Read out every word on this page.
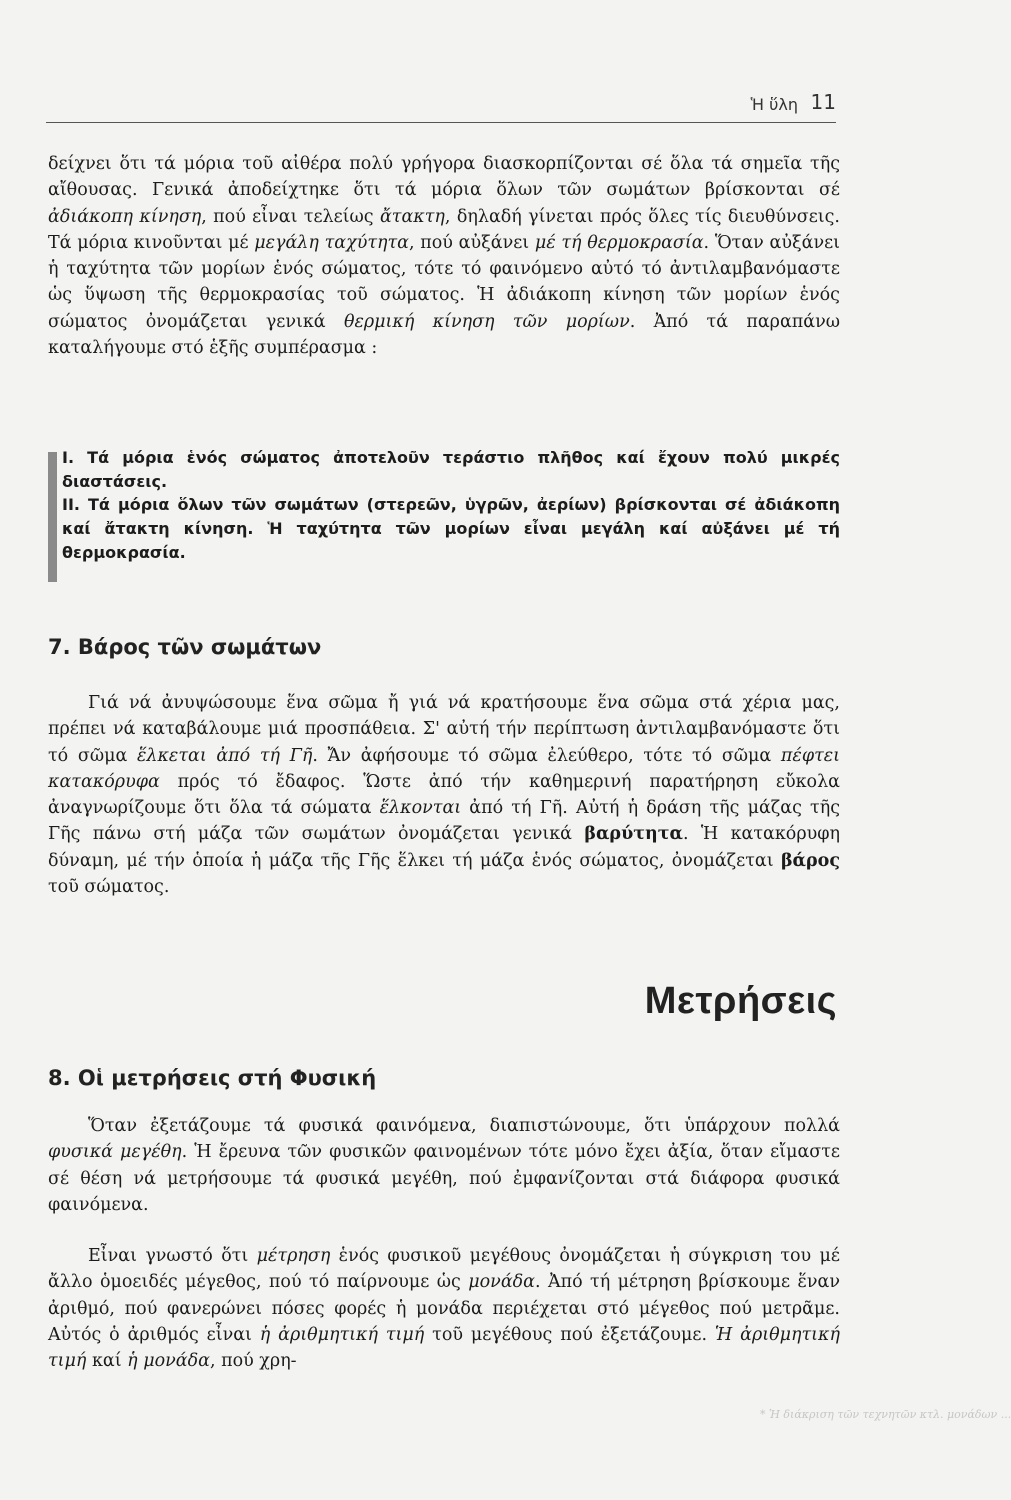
Ἡ ὕλη 11

δείχνει ὅτι τά μόρια τοῦ αἰθέρα πολύ γρήγορα διασκορπίζονται σέ ὅλα τά σημεῖα τῆς αἴθουσας. Γενικά ἀποδείχτηκε ὅτι τά μόρια ὅλων τῶν σωμάτων βρίσκονται σέ ἀδιάκοπη κίνηση, πού εἶναι τελείως ἄτακτη, δηλαδή γίνεται πρός ὅλες τίς διευθύνσεις. Τά μόρια κινοῦνται μέ μεγάλη ταχύτητα, πού αὐξάνει μέ τή θερμοκρασία. Ὅταν αὐξάνει ἡ ταχύτητα τῶν μορίων ἑνός σώματος, τότε τό φαινόμενο αὐτό τό ἀντιλαμβανόμαστε ὡς ὕψωση τῆς θερμοκρασίας τοῦ σώματος. Ἡ ἀδιάκοπη κίνηση τῶν μορίων ἑνός σώματος ὀνομάζεται γενικά θερμική κίνηση τῶν μορίων. Ἀπό τά παραπάνω καταλήγουμε στό ἑξῆς συμπέρασμα :

I. Τά μόρια ἑνός σώματος ἀποτελοῦν τεράστιο πλῆθος καί ἔχουν πολύ μικρές διαστάσεις.

II. Τά μόρια ὅλων τῶν σωμάτων (στερεῶν, ὑγρῶν, ἀερίων) βρίσκονται σέ ἀδιάκοπη καί ἄτακτη κίνηση. Ἡ ταχύτητα τῶν μορίων εἶναι μεγάλη καί αὐξάνει μέ τή θερμοκρασία.

7. Βάρος τῶν σωμάτων

Γιά νά ἀνυψώσουμε ἕνα σῶμα ἤ γιά νά κρατήσουμε ἕνα σῶμα στά χέρια μας, πρέπει νά καταβάλουμε μιά προσπάθεια. Σ' αὐτή τήν περίπτωση ἀντιλαμβανόμαστε ὅτι τό σῶμα ἕλκεται ἀπό τή Γῆ. Ἄν ἀφήσουμε τό σῶμα ἐλεύθερο, τότε τό σῶμα πέφτει κατακόρυφα πρός τό ἔδαφος. Ὥστε ἀπό τήν καθημερινή παρατήρηση εὔκολα ἀναγνωρίζουμε ὅτι ὅλα τά σώματα ἕλκονται ἀπό τή Γῆ. Αὐτή ἡ δράση τῆς μάζας τῆς Γῆς πάνω στή μάζα τῶν σωμάτων ὀνομάζεται γενικά βαρύτητα. Ἡ κατακόρυφη δύναμη, μέ τήν ὁποία ἡ μάζα τῆς Γῆς ἕλκει τή μάζα ἑνός σώματος, ὀνομάζεται βάρος τοῦ σώματος.

Μετρήσεις
8. Οἱ μετρήσεις στή Φυσική

Ὅταν ἐξετάζουμε τά φυσικά φαινόμενα, διαπιστώνουμε, ὅτι ὑπάρχουν πολλά φυσικά μεγέθη. Ἡ ἔρευνα τῶν φυσικῶν φαινομένων τότε μόνο ἔχει ἀξία, ὅταν εἴμαστε σέ θέση νά μετρήσουμε τά φυσικά μεγέθη, πού ἐμφανίζονται στά διάφορα φυσικά φαινόμενα.

Εἶναι γνωστό ὅτι μέτρηση ἑνός φυσικοῦ μεγέθους ὀνομάζεται ἡ σύγκριση του μέ ἄλλο ὁμοειδές μέγεθος, πού τό παίρνουμε ὡς μονάδα. Ἀπό τή μέτρηση βρίσκουμε ἕναν ἀριθμό, πού φανερώνει πόσες φορές ἡ μονάδα περιέχεται στό μέγεθος πού μετρᾶμε. Αὐτός ὁ ἀριθμός εἶναι ἡ ἀριθμητική τιμή τοῦ μεγέθους πού ἐξετάζουμε. Ἡ ἀριθμητική τιμή καί ἡ μονάδα, πού χρη-

* Ἡ διάκριση τῶν τεχνητῶν κτλ. μονάδων ...
